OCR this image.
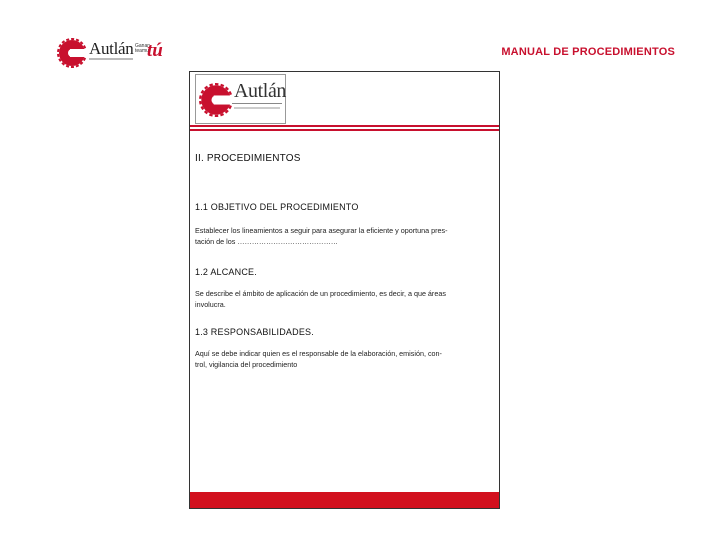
Autlán Ganan teamu
tú	MANUAL DE PROCEDIMIENTOS
Autlán
II. PROCEDIMIENTOS
1.1 OBJETIVO DEL PROCEDIMIENTO
Establecer los lineamientos a seguir para asegurar la eficiente y oportuna pres-
tación de los ……………………………………
1.2 ALCANCE.
Se describe el ámbito de aplicación de un procedimiento, es decir, a que áreas
involucra.
1.3 RESPONSABILIDADES.
Aquí se debe indicar quien es el responsable de la elaboración, emisión, con-
trol, vigilancia del procedimiento
